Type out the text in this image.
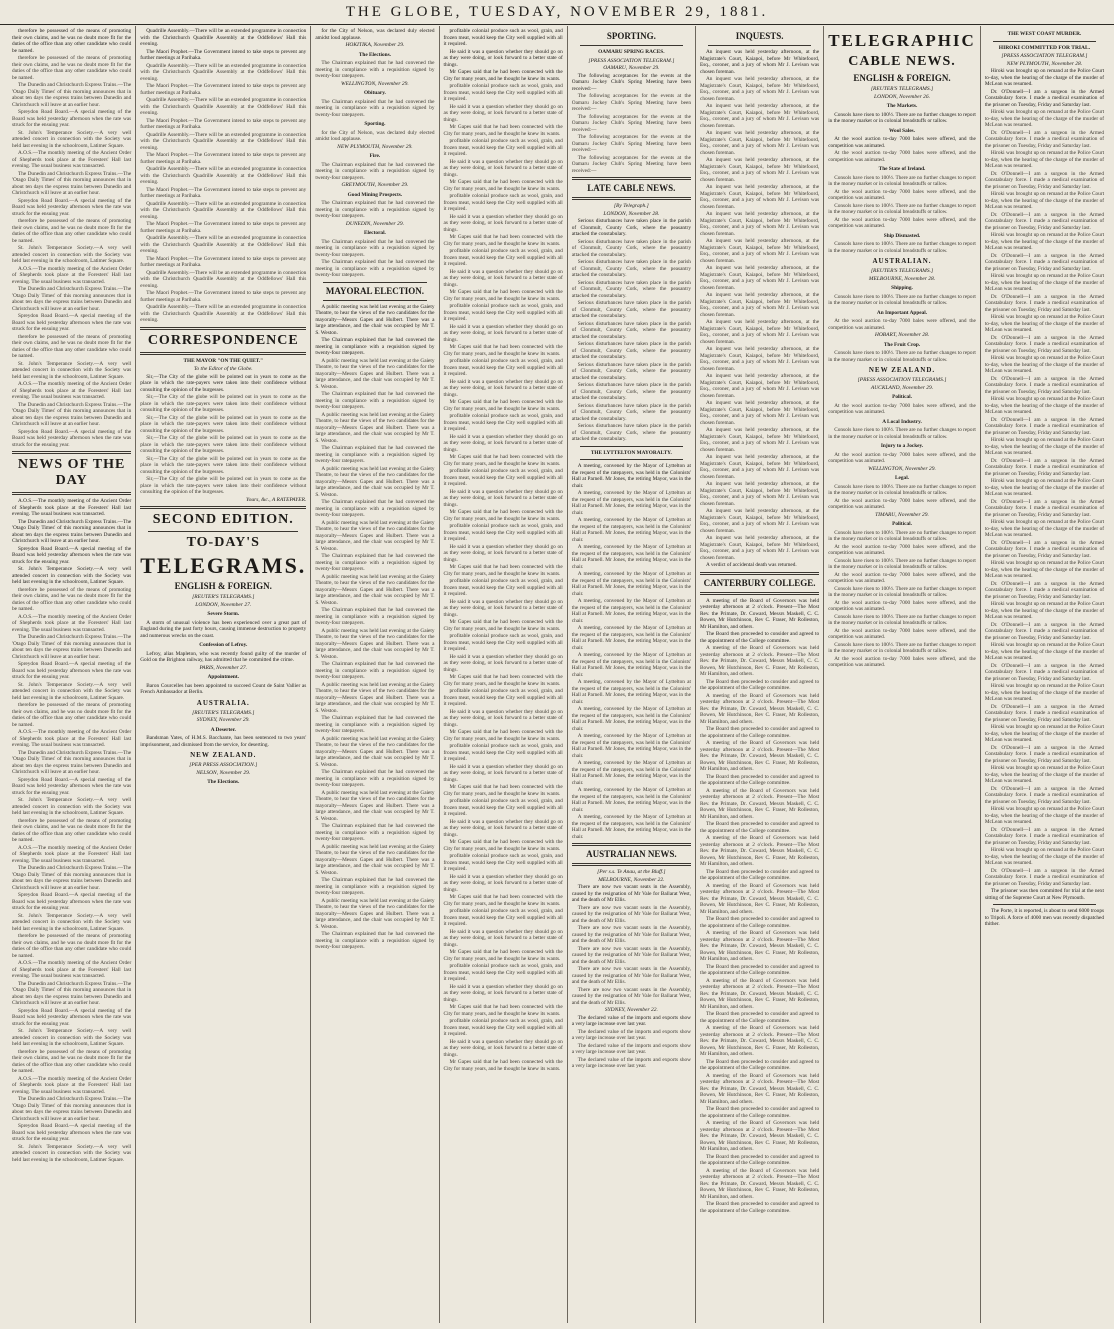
THE GLOBE, TUESDAY, NOVEMBER 29, 1881.

therefore be possessed of the means of promoting their own claims, and he was no doubt more fit for the duties of the office than any other candidate who could be named.

therefore be possessed of the means of promoting their own claims, and he was no doubt more fit for the duties of the office than any other candidate who could be named.

The Dunedin and Christchurch Express Trains.—The 'Otago Daily Times' of this morning announces that in about ten days the express trains between Dunedin and Christchurch will leave at an earlier hour.

Spreydon Road Board.—A special meeting of the Board was held yesterday afternoon when the rate was struck for the ensuing year.

St. John's Temperance Society.—A very well attended concert in connection with the Society was held last evening in the schoolroom, Latimer Square.

A.O.S.—The monthly meeting of the Ancient Order of Shepherds took place at the Foresters' Hall last evening. The usual business was transacted.

The Dunedin and Christchurch Express Trains.—The 'Otago Daily Times' of this morning announces that in about ten days the express trains between Dunedin and Christchurch will leave at an earlier hour.

Spreydon Road Board.—A special meeting of the Board was held yesterday afternoon when the rate was struck for the ensuing year.

therefore be possessed of the means of promoting their own claims, and he was no doubt more fit for the duties of the office than any other candidate who could be named.

St. John's Temperance Society.—A very well attended concert in connection with the Society was held last evening in the schoolroom, Latimer Square.

A.O.S.—The monthly meeting of the Ancient Order of Shepherds took place at the Foresters' Hall last evening. The usual business was transacted.

The Dunedin and Christchurch Express Trains.—The 'Otago Daily Times' of this morning announces that in about ten days the express trains between Dunedin and Christchurch will leave at an earlier hour.

Spreydon Road Board.—A special meeting of the Board was held yesterday afternoon when the rate was struck for the ensuing year.

therefore be possessed of the means of promoting their own claims, and he was no doubt more fit for the duties of the office than any other candidate who could be named.

St. John's Temperance Society.—A very well attended concert in connection with the Society was held last evening in the schoolroom, Latimer Square.

A.O.S.—The monthly meeting of the Ancient Order of Shepherds took place at the Foresters' Hall last evening. The usual business was transacted.

The Dunedin and Christchurch Express Trains.—The 'Otago Daily Times' of this morning announces that in about ten days the express trains between Dunedin and Christchurch will leave at an earlier hour.

Spreydon Road Board.—A special meeting of the Board was held yesterday afternoon when the rate was struck for the ensuing year.

NEWS OF THE DAY

A.O.S.—The monthly meeting of the Ancient Order of Shepherds took place at the Foresters' Hall last evening. The usual business was transacted.

The Dunedin and Christchurch Express Trains.—The 'Otago Daily Times' of this morning announces that in about ten days the express trains between Dunedin and Christchurch will leave at an earlier hour.

Spreydon Road Board.—A special meeting of the Board was held yesterday afternoon when the rate was struck for the ensuing year.

St. John's Temperance Society.—A very well attended concert in connection with the Society was held last evening in the schoolroom, Latimer Square.

therefore be possessed of the means of promoting their own claims, and he was no doubt more fit for the duties of the office than any other candidate who could be named.

A.O.S.—The monthly meeting of the Ancient Order of Shepherds took place at the Foresters' Hall last evening. The usual business was transacted.

The Dunedin and Christchurch Express Trains.—The 'Otago Daily Times' of this morning announces that in about ten days the express trains between Dunedin and Christchurch will leave at an earlier hour.

Spreydon Road Board.—A special meeting of the Board was held yesterday afternoon when the rate was struck for the ensuing year.

St. John's Temperance Society.—A very well attended concert in connection with the Society was held last evening in the schoolroom, Latimer Square.

therefore be possessed of the means of promoting their own claims, and he was no doubt more fit for the duties of the office than any other candidate who could be named.

A.O.S.—The monthly meeting of the Ancient Order of Shepherds took place at the Foresters' Hall last evening. The usual business was transacted.

The Dunedin and Christchurch Express Trains.—The 'Otago Daily Times' of this morning announces that in about ten days the express trains between Dunedin and Christchurch will leave at an earlier hour.

Spreydon Road Board.—A special meeting of the Board was held yesterday afternoon when the rate was struck for the ensuing year.

St. John's Temperance Society.—A very well attended concert in connection with the Society was held last evening in the schoolroom, Latimer Square.

therefore be possessed of the means of promoting their own claims, and he was no doubt more fit for the duties of the office than any other candidate who could be named.

A.O.S.—The monthly meeting of the Ancient Order of Shepherds took place at the Foresters' Hall last evening. The usual business was transacted.

The Dunedin and Christchurch Express Trains.—The 'Otago Daily Times' of this morning announces that in about ten days the express trains between Dunedin and Christchurch will leave at an earlier hour.

Spreydon Road Board.—A special meeting of the Board was held yesterday afternoon when the rate was struck for the ensuing year.

St. John's Temperance Society.—A very well attended concert in connection with the Society was held last evening in the schoolroom, Latimer Square.

therefore be possessed of the means of promoting their own claims, and he was no doubt more fit for the duties of the office than any other candidate who could be named.

A.O.S.—The monthly meeting of the Ancient Order of Shepherds took place at the Foresters' Hall last evening. The usual business was transacted.

The Dunedin and Christchurch Express Trains.—The 'Otago Daily Times' of this morning announces that in about ten days the express trains between Dunedin and Christchurch will leave at an earlier hour.

Spreydon Road Board.—A special meeting of the Board was held yesterday afternoon when the rate was struck for the ensuing year.

St. John's Temperance Society.—A very well attended concert in connection with the Society was held last evening in the schoolroom, Latimer Square.

therefore be possessed of the means of promoting their own claims, and he was no doubt more fit for the duties of the office than any other candidate who could be named.

A.O.S.—The monthly meeting of the Ancient Order of Shepherds took place at the Foresters' Hall last evening. The usual business was transacted.

The Dunedin and Christchurch Express Trains.—The 'Otago Daily Times' of this morning announces that in about ten days the express trains between Dunedin and Christchurch will leave at an earlier hour.

Spreydon Road Board.—A special meeting of the Board was held yesterday afternoon when the rate was struck for the ensuing year.

St. John's Temperance Society.—A very well attended concert in connection with the Society was held last evening in the schoolroom, Latimer Square.

Quadrille Assembly.—There will be an extended programme in connection with the Christchurch Quadrille Assembly at the Oddfellows' Hall this evening.

The Maori Prophet.—The Government intend to take steps to prevent any further meetings at Parihaka.

Quadrille Assembly.—There will be an extended programme in connection with the Christchurch Quadrille Assembly at the Oddfellows' Hall this evening.

The Maori Prophet.—The Government intend to take steps to prevent any further meetings at Parihaka.

Quadrille Assembly.—There will be an extended programme in connection with the Christchurch Quadrille Assembly at the Oddfellows' Hall this evening.

The Maori Prophet.—The Government intend to take steps to prevent any further meetings at Parihaka.

Quadrille Assembly.—There will be an extended programme in connection with the Christchurch Quadrille Assembly at the Oddfellows' Hall this evening.

The Maori Prophet.—The Government intend to take steps to prevent any further meetings at Parihaka.

Quadrille Assembly.—There will be an extended programme in connection with the Christchurch Quadrille Assembly at the Oddfellows' Hall this evening.

The Maori Prophet.—The Government intend to take steps to prevent any further meetings at Parihaka.

Quadrille Assembly.—There will be an extended programme in connection with the Christchurch Quadrille Assembly at the Oddfellows' Hall this evening.

The Maori Prophet.—The Government intend to take steps to prevent any further meetings at Parihaka.

Quadrille Assembly.—There will be an extended programme in connection with the Christchurch Quadrille Assembly at the Oddfellows' Hall this evening.

The Maori Prophet.—The Government intend to take steps to prevent any further meetings at Parihaka.

Quadrille Assembly.—There will be an extended programme in connection with the Christchurch Quadrille Assembly at the Oddfellows' Hall this evening.

The Maori Prophet.—The Government intend to take steps to prevent any further meetings at Parihaka.

Quadrille Assembly.—There will be an extended programme in connection with the Christchurch Quadrille Assembly at the Oddfellows' Hall this evening.

CORRESPONDENCE
THE MAYOR "ON THE QUIET."
To the Editor of the Globe.

Sir,—The City of the globe will be pointed out in years to come as the place in which the rate-payers were taken into their confidence without consulting the opinion of the burgesses.

Sir,—The City of the globe will be pointed out in years to come as the place in which the rate-payers were taken into their confidence without consulting the opinion of the burgesses.

Sir,—The City of the globe will be pointed out in years to come as the place in which the rate-payers were taken into their confidence without consulting the opinion of the burgesses.

Sir,—The City of the globe will be pointed out in years to come as the place in which the rate-payers were taken into their confidence without consulting the opinion of the burgesses.

Sir,—The City of the globe will be pointed out in years to come as the place in which the rate-payers were taken into their confidence without consulting the opinion of the burgesses.

Sir,—The City of the globe will be pointed out in years to come as the place in which the rate-payers were taken into their confidence without consulting the opinion of the burgesses.

Yours, &c., A RATEPAYER.
SECOND EDITION.
TO-DAY'S
TELEGRAMS.
ENGLISH & FOREIGN.
[REUTER'S TELEGRAMS.]
LONDON, November 27.
Severe Storm.

A storm of unusual violence has been experienced over a great part of England during the past forty hours, causing immense destruction to property and numerous wrecks on the coast.

Confession of Lefroy.

Lefroy, alias Mapleton, who was recently found guilty of the murder of Gold on the Brighton railway, has admitted that he committed the crime.

PARIS, November 27.
Appointment.

Baron Courcelles has been appointed to succeed Count de Saint Vallier as French Ambassador at Berlin.

AUSTRALIA.
[REUTER'S TELEGRAMS.]
SYDNEY, November 29.
A Deserter.

Bandsman Yates, of H.M.S. Bacchante, has been sentenced to two years' imprisonment, and dismissed from the service, for deserting.

NEW ZEALAND.
[PER PRESS ASSOCIATION.]
NELSON, November 29.
The Elections.

for the City of Nelson, was declared duly elected amidst loud applause.

HOKITIKA, November 29.
The Elections.

The Chairman explained that he had convened the meeting in compliance with a requisition signed by twenty-four ratepayers.

WELLINGTON, November 29.
Obituary.

The Chairman explained that he had convened the meeting in compliance with a requisition signed by twenty-four ratepayers.

Sporting.

for the City of Nelson, was declared duly elected amidst loud applause.

NEW PLYMOUTH, November 29.
Fire.

The Chairman explained that he had convened the meeting in compliance with a requisition signed by twenty-four ratepayers.

GREYMOUTH, November 29.
Good Mining Prospects.

The Chairman explained that he had convened the meeting in compliance with a requisition signed by twenty-four ratepayers.

DUNEDIN, November 29.
Electoral.

The Chairman explained that he had convened the meeting in compliance with a requisition signed by twenty-four ratepayers.

The Chairman explained that he had convened the meeting in compliance with a requisition signed by twenty-four ratepayers.

MAYORAL ELECTION.

A public meeting was held last evening at the Gaiety Theatre, to hear the views of the two candidates for the mayoralty—Messrs Gapes and Hulbert. There was a large attendance, and the chair was occupied by Mr T. S. Weston.

The Chairman explained that he had convened the meeting in compliance with a requisition signed by twenty-four ratepayers.

A public meeting was held last evening at the Gaiety Theatre, to hear the views of the two candidates for the mayoralty—Messrs Gapes and Hulbert. There was a large attendance, and the chair was occupied by Mr T. S. Weston.

The Chairman explained that he had convened the meeting in compliance with a requisition signed by twenty-four ratepayers.

A public meeting was held last evening at the Gaiety Theatre, to hear the views of the two candidates for the mayoralty—Messrs Gapes and Hulbert. There was a large attendance, and the chair was occupied by Mr T. S. Weston.

The Chairman explained that he had convened the meeting in compliance with a requisition signed by twenty-four ratepayers.

A public meeting was held last evening at the Gaiety Theatre, to hear the views of the two candidates for the mayoralty—Messrs Gapes and Hulbert. There was a large attendance, and the chair was occupied by Mr T. S. Weston.

The Chairman explained that he had convened the meeting in compliance with a requisition signed by twenty-four ratepayers.

A public meeting was held last evening at the Gaiety Theatre, to hear the views of the two candidates for the mayoralty—Messrs Gapes and Hulbert. There was a large attendance, and the chair was occupied by Mr T. S. Weston.

The Chairman explained that he had convened the meeting in compliance with a requisition signed by twenty-four ratepayers.

A public meeting was held last evening at the Gaiety Theatre, to hear the views of the two candidates for the mayoralty—Messrs Gapes and Hulbert. There was a large attendance, and the chair was occupied by Mr T. S. Weston.

The Chairman explained that he had convened the meeting in compliance with a requisition signed by twenty-four ratepayers.

A public meeting was held last evening at the Gaiety Theatre, to hear the views of the two candidates for the mayoralty—Messrs Gapes and Hulbert. There was a large attendance, and the chair was occupied by Mr T. S. Weston.

The Chairman explained that he had convened the meeting in compliance with a requisition signed by twenty-four ratepayers.

A public meeting was held last evening at the Gaiety Theatre, to hear the views of the two candidates for the mayoralty—Messrs Gapes and Hulbert. There was a large attendance, and the chair was occupied by Mr T. S. Weston.

The Chairman explained that he had convened the meeting in compliance with a requisition signed by twenty-four ratepayers.

A public meeting was held last evening at the Gaiety Theatre, to hear the views of the two candidates for the mayoralty—Messrs Gapes and Hulbert. There was a large attendance, and the chair was occupied by Mr T. S. Weston.

The Chairman explained that he had convened the meeting in compliance with a requisition signed by twenty-four ratepayers.

A public meeting was held last evening at the Gaiety Theatre, to hear the views of the two candidates for the mayoralty—Messrs Gapes and Hulbert. There was a large attendance, and the chair was occupied by Mr T. S. Weston.

The Chairman explained that he had convened the meeting in compliance with a requisition signed by twenty-four ratepayers.

A public meeting was held last evening at the Gaiety Theatre, to hear the views of the two candidates for the mayoralty—Messrs Gapes and Hulbert. There was a large attendance, and the chair was occupied by Mr T. S. Weston.

The Chairman explained that he had convened the meeting in compliance with a requisition signed by twenty-four ratepayers.

A public meeting was held last evening at the Gaiety Theatre, to hear the views of the two candidates for the mayoralty—Messrs Gapes and Hulbert. There was a large attendance, and the chair was occupied by Mr T. S. Weston.

The Chairman explained that he had convened the meeting in compliance with a requisition signed by twenty-four ratepayers.

profitable colonial produce such as wool, grain, and frozen meat, would keep the City well supplied with all it required.

He said it was a question whether they should go on as they were doing, or look forward to a better state of things.

Mr Gapes said that he had been connected with the City for many years, and he thought he knew its wants.

profitable colonial produce such as wool, grain, and frozen meat, would keep the City well supplied with all it required.

He said it was a question whether they should go on as they were doing, or look forward to a better state of things.

Mr Gapes said that he had been connected with the City for many years, and he thought he knew its wants.

profitable colonial produce such as wool, grain, and frozen meat, would keep the City well supplied with all it required.

He said it was a question whether they should go on as they were doing, or look forward to a better state of things.

Mr Gapes said that he had been connected with the City for many years, and he thought he knew its wants.

profitable colonial produce such as wool, grain, and frozen meat, would keep the City well supplied with all it required.

He said it was a question whether they should go on as they were doing, or look forward to a better state of things.

Mr Gapes said that he had been connected with the City for many years, and he thought he knew its wants.

profitable colonial produce such as wool, grain, and frozen meat, would keep the City well supplied with all it required.

He said it was a question whether they should go on as they were doing, or look forward to a better state of things.

Mr Gapes said that he had been connected with the City for many years, and he thought he knew its wants.

profitable colonial produce such as wool, grain, and frozen meat, would keep the City well supplied with all it required.

He said it was a question whether they should go on as they were doing, or look forward to a better state of things.

Mr Gapes said that he had been connected with the City for many years, and he thought he knew its wants.

profitable colonial produce such as wool, grain, and frozen meat, would keep the City well supplied with all it required.

He said it was a question whether they should go on as they were doing, or look forward to a better state of things.

Mr Gapes said that he had been connected with the City for many years, and he thought he knew its wants.

profitable colonial produce such as wool, grain, and frozen meat, would keep the City well supplied with all it required.

He said it was a question whether they should go on as they were doing, or look forward to a better state of things.

Mr Gapes said that he had been connected with the City for many years, and he thought he knew its wants.

profitable colonial produce such as wool, grain, and frozen meat, would keep the City well supplied with all it required.

He said it was a question whether they should go on as they were doing, or look forward to a better state of things.

Mr Gapes said that he had been connected with the City for many years, and he thought he knew its wants.

profitable colonial produce such as wool, grain, and frozen meat, would keep the City well supplied with all it required.

He said it was a question whether they should go on as they were doing, or look forward to a better state of things.

Mr Gapes said that he had been connected with the City for many years, and he thought he knew its wants.

profitable colonial produce such as wool, grain, and frozen meat, would keep the City well supplied with all it required.

He said it was a question whether they should go on as they were doing, or look forward to a better state of things.

Mr Gapes said that he had been connected with the City for many years, and he thought he knew its wants.

profitable colonial produce such as wool, grain, and frozen meat, would keep the City well supplied with all it required.

He said it was a question whether they should go on as they were doing, or look forward to a better state of things.

Mr Gapes said that he had been connected with the City for many years, and he thought he knew its wants.

profitable colonial produce such as wool, grain, and frozen meat, would keep the City well supplied with all it required.

He said it was a question whether they should go on as they were doing, or look forward to a better state of things.

Mr Gapes said that he had been connected with the City for many years, and he thought he knew its wants.

profitable colonial produce such as wool, grain, and frozen meat, would keep the City well supplied with all it required.

He said it was a question whether they should go on as they were doing, or look forward to a better state of things.

Mr Gapes said that he had been connected with the City for many years, and he thought he knew its wants.

profitable colonial produce such as wool, grain, and frozen meat, would keep the City well supplied with all it required.

He said it was a question whether they should go on as they were doing, or look forward to a better state of things.

Mr Gapes said that he had been connected with the City for many years, and he thought he knew its wants.

profitable colonial produce such as wool, grain, and frozen meat, would keep the City well supplied with all it required.

He said it was a question whether they should go on as they were doing, or look forward to a better state of things.

Mr Gapes said that he had been connected with the City for many years, and he thought he knew its wants.

profitable colonial produce such as wool, grain, and frozen meat, would keep the City well supplied with all it required.

He said it was a question whether they should go on as they were doing, or look forward to a better state of things.

Mr Gapes said that he had been connected with the City for many years, and he thought he knew its wants.

profitable colonial produce such as wool, grain, and frozen meat, would keep the City well supplied with all it required.

He said it was a question whether they should go on as they were doing, or look forward to a better state of things.

Mr Gapes said that he had been connected with the City for many years, and he thought he knew its wants.

profitable colonial produce such as wool, grain, and frozen meat, would keep the City well supplied with all it required.

He said it was a question whether they should go on as they were doing, or look forward to a better state of things.

Mr Gapes said that he had been connected with the City for many years, and he thought he knew its wants.

SPORTING.
OAMARU SPRING RACES.
[PRESS ASSOCIATION TELEGRAM.]
OAMARU, November 29.

The following acceptances for the events at the Oamaru Jockey Club's Spring Meeting have been received:—

The following acceptances for the events at the Oamaru Jockey Club's Spring Meeting have been received:—

The following acceptances for the events at the Oamaru Jockey Club's Spring Meeting have been received:—

The following acceptances for the events at the Oamaru Jockey Club's Spring Meeting have been received:—

The following acceptances for the events at the Oamaru Jockey Club's Spring Meeting have been received:—

LATE CABLE NEWS.
[By Telegraph.]
LONDON, November 28.

Serious disturbances have taken place in the parish of Clonmult, County Cork, where the peasantry attacked the constabulary.

Serious disturbances have taken place in the parish of Clonmult, County Cork, where the peasantry attacked the constabulary.

Serious disturbances have taken place in the parish of Clonmult, County Cork, where the peasantry attacked the constabulary.

Serious disturbances have taken place in the parish of Clonmult, County Cork, where the peasantry attacked the constabulary.

Serious disturbances have taken place in the parish of Clonmult, County Cork, where the peasantry attacked the constabulary.

Serious disturbances have taken place in the parish of Clonmult, County Cork, where the peasantry attacked the constabulary.

Serious disturbances have taken place in the parish of Clonmult, County Cork, where the peasantry attacked the constabulary.

Serious disturbances have taken place in the parish of Clonmult, County Cork, where the peasantry attacked the constabulary.

Serious disturbances have taken place in the parish of Clonmult, County Cork, where the peasantry attacked the constabulary.

Serious disturbances have taken place in the parish of Clonmult, County Cork, where the peasantry attacked the constabulary.

Serious disturbances have taken place in the parish of Clonmult, County Cork, where the peasantry attacked the constabulary.

THE LYTTELTON MAYORALTY.

A meeting, convened by the Mayor of Lyttelton at the request of the ratepayers, was held in the Colonists' Hall at Parnell. Mr Jones, the retiring Mayor, was in the chair.

A meeting, convened by the Mayor of Lyttelton at the request of the ratepayers, was held in the Colonists' Hall at Parnell. Mr Jones, the retiring Mayor, was in the chair.

A meeting, convened by the Mayor of Lyttelton at the request of the ratepayers, was held in the Colonists' Hall at Parnell. Mr Jones, the retiring Mayor, was in the chair.

A meeting, convened by the Mayor of Lyttelton at the request of the ratepayers, was held in the Colonists' Hall at Parnell. Mr Jones, the retiring Mayor, was in the chair.

A meeting, convened by the Mayor of Lyttelton at the request of the ratepayers, was held in the Colonists' Hall at Parnell. Mr Jones, the retiring Mayor, was in the chair.

A meeting, convened by the Mayor of Lyttelton at the request of the ratepayers, was held in the Colonists' Hall at Parnell. Mr Jones, the retiring Mayor, was in the chair.

A meeting, convened by the Mayor of Lyttelton at the request of the ratepayers, was held in the Colonists' Hall at Parnell. Mr Jones, the retiring Mayor, was in the chair.

A meeting, convened by the Mayor of Lyttelton at the request of the ratepayers, was held in the Colonists' Hall at Parnell. Mr Jones, the retiring Mayor, was in the chair.

A meeting, convened by the Mayor of Lyttelton at the request of the ratepayers, was held in the Colonists' Hall at Parnell. Mr Jones, the retiring Mayor, was in the chair.

A meeting, convened by the Mayor of Lyttelton at the request of the ratepayers, was held in the Colonists' Hall at Parnell. Mr Jones, the retiring Mayor, was in the chair.

A meeting, convened by the Mayor of Lyttelton at the request of the ratepayers, was held in the Colonists' Hall at Parnell. Mr Jones, the retiring Mayor, was in the chair.

A meeting, convened by the Mayor of Lyttelton at the request of the ratepayers, was held in the Colonists' Hall at Parnell. Mr Jones, the retiring Mayor, was in the chair.

A meeting, convened by the Mayor of Lyttelton at the request of the ratepayers, was held in the Colonists' Hall at Parnell. Mr Jones, the retiring Mayor, was in the chair.

A meeting, convened by the Mayor of Lyttelton at the request of the ratepayers, was held in the Colonists' Hall at Parnell. Mr Jones, the retiring Mayor, was in the chair.

AUSTRALIAN NEWS.
[Per s.s. Te Anau, at the Bluff.]
MELBOURNE, November 22.

There are now two vacant seats in the Assembly, caused by the resignation of Mr Vale for Ballarat West, and the death of Mr Ellis.

There are now two vacant seats in the Assembly, caused by the resignation of Mr Vale for Ballarat West, and the death of Mr Ellis.

There are now two vacant seats in the Assembly, caused by the resignation of Mr Vale for Ballarat West, and the death of Mr Ellis.

There are now two vacant seats in the Assembly, caused by the resignation of Mr Vale for Ballarat West, and the death of Mr Ellis.

There are now two vacant seats in the Assembly, caused by the resignation of Mr Vale for Ballarat West, and the death of Mr Ellis.

There are now two vacant seats in the Assembly, caused by the resignation of Mr Vale for Ballarat West, and the death of Mr Ellis.

SYDNEY, November 22.

The declared value of the imports and exports show a very large increase over last year.

The declared value of the imports and exports show a very large increase over last year.

The declared value of the imports and exports show a very large increase over last year.

The declared value of the imports and exports show a very large increase over last year.

INQUESTS.

An inquest was held yesterday afternoon, at the Magistrate's Court, Kaiapoi, before Mr Whitefoord, Esq., coroner, and a jury of whom Mr J. Levison was chosen foreman.

An inquest was held yesterday afternoon, at the Magistrate's Court, Kaiapoi, before Mr Whitefoord, Esq., coroner, and a jury of whom Mr J. Levison was chosen foreman.

An inquest was held yesterday afternoon, at the Magistrate's Court, Kaiapoi, before Mr Whitefoord, Esq., coroner, and a jury of whom Mr J. Levison was chosen foreman.

An inquest was held yesterday afternoon, at the Magistrate's Court, Kaiapoi, before Mr Whitefoord, Esq., coroner, and a jury of whom Mr J. Levison was chosen foreman.

An inquest was held yesterday afternoon, at the Magistrate's Court, Kaiapoi, before Mr Whitefoord, Esq., coroner, and a jury of whom Mr J. Levison was chosen foreman.

An inquest was held yesterday afternoon, at the Magistrate's Court, Kaiapoi, before Mr Whitefoord, Esq., coroner, and a jury of whom Mr J. Levison was chosen foreman.

An inquest was held yesterday afternoon, at the Magistrate's Court, Kaiapoi, before Mr Whitefoord, Esq., coroner, and a jury of whom Mr J. Levison was chosen foreman.

An inquest was held yesterday afternoon, at the Magistrate's Court, Kaiapoi, before Mr Whitefoord, Esq., coroner, and a jury of whom Mr J. Levison was chosen foreman.

An inquest was held yesterday afternoon, at the Magistrate's Court, Kaiapoi, before Mr Whitefoord, Esq., coroner, and a jury of whom Mr J. Levison was chosen foreman.

An inquest was held yesterday afternoon, at the Magistrate's Court, Kaiapoi, before Mr Whitefoord, Esq., coroner, and a jury of whom Mr J. Levison was chosen foreman.

An inquest was held yesterday afternoon, at the Magistrate's Court, Kaiapoi, before Mr Whitefoord, Esq., coroner, and a jury of whom Mr J. Levison was chosen foreman.

An inquest was held yesterday afternoon, at the Magistrate's Court, Kaiapoi, before Mr Whitefoord, Esq., coroner, and a jury of whom Mr J. Levison was chosen foreman.

An inquest was held yesterday afternoon, at the Magistrate's Court, Kaiapoi, before Mr Whitefoord, Esq., coroner, and a jury of whom Mr J. Levison was chosen foreman.

An inquest was held yesterday afternoon, at the Magistrate's Court, Kaiapoi, before Mr Whitefoord, Esq., coroner, and a jury of whom Mr J. Levison was chosen foreman.

An inquest was held yesterday afternoon, at the Magistrate's Court, Kaiapoi, before Mr Whitefoord, Esq., coroner, and a jury of whom Mr J. Levison was chosen foreman.

An inquest was held yesterday afternoon, at the Magistrate's Court, Kaiapoi, before Mr Whitefoord, Esq., coroner, and a jury of whom Mr J. Levison was chosen foreman.

An inquest was held yesterday afternoon, at the Magistrate's Court, Kaiapoi, before Mr Whitefoord, Esq., coroner, and a jury of whom Mr J. Levison was chosen foreman.

An inquest was held yesterday afternoon, at the Magistrate's Court, Kaiapoi, before Mr Whitefoord, Esq., coroner, and a jury of whom Mr J. Levison was chosen foreman.

An inquest was held yesterday afternoon, at the Magistrate's Court, Kaiapoi, before Mr Whitefoord, Esq., coroner, and a jury of whom Mr J. Levison was chosen foreman.

A verdict of accidental death was returned.

CANTERBURY COLLEGE.

A meeting of the Board of Governors was held yesterday afternoon at 2 o'clock. Present—The Most Rev. the Primate, Dr. Coward, Messrs Maskell, C. C. Bowen, Mr Hutchinson, Rev C. Fraser, Mr Rolleston, Mr Hamilton, and others.

The Board then proceeded to consider and agreed to the appointment of the College committee.

A meeting of the Board of Governors was held yesterday afternoon at 2 o'clock. Present—The Most Rev. the Primate, Dr. Coward, Messrs Maskell, C. C. Bowen, Mr Hutchinson, Rev C. Fraser, Mr Rolleston, Mr Hamilton, and others.

The Board then proceeded to consider and agreed to the appointment of the College committee.

A meeting of the Board of Governors was held yesterday afternoon at 2 o'clock. Present—The Most Rev. the Primate, Dr. Coward, Messrs Maskell, C. C. Bowen, Mr Hutchinson, Rev C. Fraser, Mr Rolleston, Mr Hamilton, and others.

The Board then proceeded to consider and agreed to the appointment of the College committee.

A meeting of the Board of Governors was held yesterday afternoon at 2 o'clock. Present—The Most Rev. the Primate, Dr. Coward, Messrs Maskell, C. C. Bowen, Mr Hutchinson, Rev C. Fraser, Mr Rolleston, Mr Hamilton, and others.

The Board then proceeded to consider and agreed to the appointment of the College committee.

A meeting of the Board of Governors was held yesterday afternoon at 2 o'clock. Present—The Most Rev. the Primate, Dr. Coward, Messrs Maskell, C. C. Bowen, Mr Hutchinson, Rev C. Fraser, Mr Rolleston, Mr Hamilton, and others.

The Board then proceeded to consider and agreed to the appointment of the College committee.

A meeting of the Board of Governors was held yesterday afternoon at 2 o'clock. Present—The Most Rev. the Primate, Dr. Coward, Messrs Maskell, C. C. Bowen, Mr Hutchinson, Rev C. Fraser, Mr Rolleston, Mr Hamilton, and others.

The Board then proceeded to consider and agreed to the appointment of the College committee.

A meeting of the Board of Governors was held yesterday afternoon at 2 o'clock. Present—The Most Rev. the Primate, Dr. Coward, Messrs Maskell, C. C. Bowen, Mr Hutchinson, Rev C. Fraser, Mr Rolleston, Mr Hamilton, and others.

The Board then proceeded to consider and agreed to the appointment of the College committee.

A meeting of the Board of Governors was held yesterday afternoon at 2 o'clock. Present—The Most Rev. the Primate, Dr. Coward, Messrs Maskell, C. C. Bowen, Mr Hutchinson, Rev C. Fraser, Mr Rolleston, Mr Hamilton, and others.

The Board then proceeded to consider and agreed to the appointment of the College committee.

A meeting of the Board of Governors was held yesterday afternoon at 2 o'clock. Present—The Most Rev. the Primate, Dr. Coward, Messrs Maskell, C. C. Bowen, Mr Hutchinson, Rev C. Fraser, Mr Rolleston, Mr Hamilton, and others.

The Board then proceeded to consider and agreed to the appointment of the College committee.

A meeting of the Board of Governors was held yesterday afternoon at 2 o'clock. Present—The Most Rev. the Primate, Dr. Coward, Messrs Maskell, C. C. Bowen, Mr Hutchinson, Rev C. Fraser, Mr Rolleston, Mr Hamilton, and others.

The Board then proceeded to consider and agreed to the appointment of the College committee.

A meeting of the Board of Governors was held yesterday afternoon at 2 o'clock. Present—The Most Rev. the Primate, Dr. Coward, Messrs Maskell, C. C. Bowen, Mr Hutchinson, Rev C. Fraser, Mr Rolleston, Mr Hamilton, and others.

The Board then proceeded to consider and agreed to the appointment of the College committee.

A meeting of the Board of Governors was held yesterday afternoon at 2 o'clock. Present—The Most Rev. the Primate, Dr. Coward, Messrs Maskell, C. C. Bowen, Mr Hutchinson, Rev C. Fraser, Mr Rolleston, Mr Hamilton, and others.

The Board then proceeded to consider and agreed to the appointment of the College committee.

A meeting of the Board of Governors was held yesterday afternoon at 2 o'clock. Present—The Most Rev. the Primate, Dr. Coward, Messrs Maskell, C. C. Bowen, Mr Hutchinson, Rev C. Fraser, Mr Rolleston, Mr Hamilton, and others.

The Board then proceeded to consider and agreed to the appointment of the College committee.

TELEGRAPHIC
CABLE NEWS.
ENGLISH & FOREIGN.
[REUTER'S TELEGRAMS.]
LONDON, November 26.
The Markets.

Consols have risen to 100½. There are no further changes to report in the money market or in colonial breadstuffs or tallow.

Wool Sales.

At the wool auction to-day 7000 bales were offered, and the competition was animated.

At the wool auction to-day 7000 bales were offered, and the competition was animated.

The State of Ireland.

Consols have risen to 100½. There are no further changes to report in the money market or in colonial breadstuffs or tallow.

At the wool auction to-day 7000 bales were offered, and the competition was animated.

Consols have risen to 100½. There are no further changes to report in the money market or in colonial breadstuffs or tallow.

At the wool auction to-day 7000 bales were offered, and the competition was animated.

Ship Dismasted.

Consols have risen to 100½. There are no further changes to report in the money market or in colonial breadstuffs or tallow.

AUSTRALIAN.
[REUTER'S TELEGRAMS.]
MELBOURNE, November 28.
Shipping.

Consols have risen to 100½. There are no further changes to report in the money market or in colonial breadstuffs or tallow.

An Important Appeal.

At the wool auction to-day 7000 bales were offered, and the competition was animated.

HOBART, November 28.
The Fruit Crop.

Consols have risen to 100½. There are no further changes to report in the money market or in colonial breadstuffs or tallow.

NEW ZEALAND.
[PRESS ASSOCIATION TELEGRAMS.]
AUCKLAND, November 29.
Political.

At the wool auction to-day 7000 bales were offered, and the competition was animated.

A Local Industry.

Consols have risen to 100½. There are no further changes to report in the money market or in colonial breadstuffs or tallow.

Injury to a Jockey.

At the wool auction to-day 7000 bales were offered, and the competition was animated.

WELLINGTON, November 29.
Legal.

Consols have risen to 100½. There are no further changes to report in the money market or in colonial breadstuffs or tallow.

At the wool auction to-day 7000 bales were offered, and the competition was animated.

TIMARU, November 29.
Political.

Consols have risen to 100½. There are no further changes to report in the money market or in colonial breadstuffs or tallow.

At the wool auction to-day 7000 bales were offered, and the competition was animated.

Consols have risen to 100½. There are no further changes to report in the money market or in colonial breadstuffs or tallow.

At the wool auction to-day 7000 bales were offered, and the competition was animated.

Consols have risen to 100½. There are no further changes to report in the money market or in colonial breadstuffs or tallow.

At the wool auction to-day 7000 bales were offered, and the competition was animated.

Consols have risen to 100½. There are no further changes to report in the money market or in colonial breadstuffs or tallow.

At the wool auction to-day 7000 bales were offered, and the competition was animated.

Consols have risen to 100½. There are no further changes to report in the money market or in colonial breadstuffs or tallow.

At the wool auction to-day 7000 bales were offered, and the competition was animated.

THE WEST COAST MURDER.
HIROKI COMMITTED FOR TRIAL.
[PRESS ASSOCIATION TELEGRAM.]
NEW PLYMOUTH, November 28.

Hiroki was brought up on remand at the Police Court to-day, when the hearing of the charge of the murder of McLean was resumed.

Dr. O'Donnell—I am a surgeon in the Armed Constabulary force. I made a medical examination of the prisoner on Tuesday, Friday and Saturday last.

Hiroki was brought up on remand at the Police Court to-day, when the hearing of the charge of the murder of McLean was resumed.

Dr. O'Donnell—I am a surgeon in the Armed Constabulary force. I made a medical examination of the prisoner on Tuesday, Friday and Saturday last.

Hiroki was brought up on remand at the Police Court to-day, when the hearing of the charge of the murder of McLean was resumed.

Dr. O'Donnell—I am a surgeon in the Armed Constabulary force. I made a medical examination of the prisoner on Tuesday, Friday and Saturday last.

Hiroki was brought up on remand at the Police Court to-day, when the hearing of the charge of the murder of McLean was resumed.

Dr. O'Donnell—I am a surgeon in the Armed Constabulary force. I made a medical examination of the prisoner on Tuesday, Friday and Saturday last.

Hiroki was brought up on remand at the Police Court to-day, when the hearing of the charge of the murder of McLean was resumed.

Dr. O'Donnell—I am a surgeon in the Armed Constabulary force. I made a medical examination of the prisoner on Tuesday, Friday and Saturday last.

Hiroki was brought up on remand at the Police Court to-day, when the hearing of the charge of the murder of McLean was resumed.

Dr. O'Donnell—I am a surgeon in the Armed Constabulary force. I made a medical examination of the prisoner on Tuesday, Friday and Saturday last.

Hiroki was brought up on remand at the Police Court to-day, when the hearing of the charge of the murder of McLean was resumed.

Dr. O'Donnell—I am a surgeon in the Armed Constabulary force. I made a medical examination of the prisoner on Tuesday, Friday and Saturday last.

Hiroki was brought up on remand at the Police Court to-day, when the hearing of the charge of the murder of McLean was resumed.

Dr. O'Donnell—I am a surgeon in the Armed Constabulary force. I made a medical examination of the prisoner on Tuesday, Friday and Saturday last.

Hiroki was brought up on remand at the Police Court to-day, when the hearing of the charge of the murder of McLean was resumed.

Dr. O'Donnell—I am a surgeon in the Armed Constabulary force. I made a medical examination of the prisoner on Tuesday, Friday and Saturday last.

Hiroki was brought up on remand at the Police Court to-day, when the hearing of the charge of the murder of McLean was resumed.

Dr. O'Donnell—I am a surgeon in the Armed Constabulary force. I made a medical examination of the prisoner on Tuesday, Friday and Saturday last.

Hiroki was brought up on remand at the Police Court to-day, when the hearing of the charge of the murder of McLean was resumed.

Dr. O'Donnell—I am a surgeon in the Armed Constabulary force. I made a medical examination of the prisoner on Tuesday, Friday and Saturday last.

Hiroki was brought up on remand at the Police Court to-day, when the hearing of the charge of the murder of McLean was resumed.

Dr. O'Donnell—I am a surgeon in the Armed Constabulary force. I made a medical examination of the prisoner on Tuesday, Friday and Saturday last.

Hiroki was brought up on remand at the Police Court to-day, when the hearing of the charge of the murder of McLean was resumed.

Dr. O'Donnell—I am a surgeon in the Armed Constabulary force. I made a medical examination of the prisoner on Tuesday, Friday and Saturday last.

Hiroki was brought up on remand at the Police Court to-day, when the hearing of the charge of the murder of McLean was resumed.

Dr. O'Donnell—I am a surgeon in the Armed Constabulary force. I made a medical examination of the prisoner on Tuesday, Friday and Saturday last.

Hiroki was brought up on remand at the Police Court to-day, when the hearing of the charge of the murder of McLean was resumed.

Dr. O'Donnell—I am a surgeon in the Armed Constabulary force. I made a medical examination of the prisoner on Tuesday, Friday and Saturday last.

Hiroki was brought up on remand at the Police Court to-day, when the hearing of the charge of the murder of McLean was resumed.

Dr. O'Donnell—I am a surgeon in the Armed Constabulary force. I made a medical examination of the prisoner on Tuesday, Friday and Saturday last.

Hiroki was brought up on remand at the Police Court to-day, when the hearing of the charge of the murder of McLean was resumed.

Dr. O'Donnell—I am a surgeon in the Armed Constabulary force. I made a medical examination of the prisoner on Tuesday, Friday and Saturday last.

Hiroki was brought up on remand at the Police Court to-day, when the hearing of the charge of the murder of McLean was resumed.

Dr. O'Donnell—I am a surgeon in the Armed Constabulary force. I made a medical examination of the prisoner on Tuesday, Friday and Saturday last.

Hiroki was brought up on remand at the Police Court to-day, when the hearing of the charge of the murder of McLean was resumed.

Dr. O'Donnell—I am a surgeon in the Armed Constabulary force. I made a medical examination of the prisoner on Tuesday, Friday and Saturday last.

Hiroki was brought up on remand at the Police Court to-day, when the hearing of the charge of the murder of McLean was resumed.

Dr. O'Donnell—I am a surgeon in the Armed Constabulary force. I made a medical examination of the prisoner on Tuesday, Friday and Saturday last.

The prisoner was then committed for trial at the next sitting of the Supreme Court at New Plymouth.

The Porte, it is reported, is about to send 6000 troops to Tripoli. A force of 4000 men was recently dispatched thither.
